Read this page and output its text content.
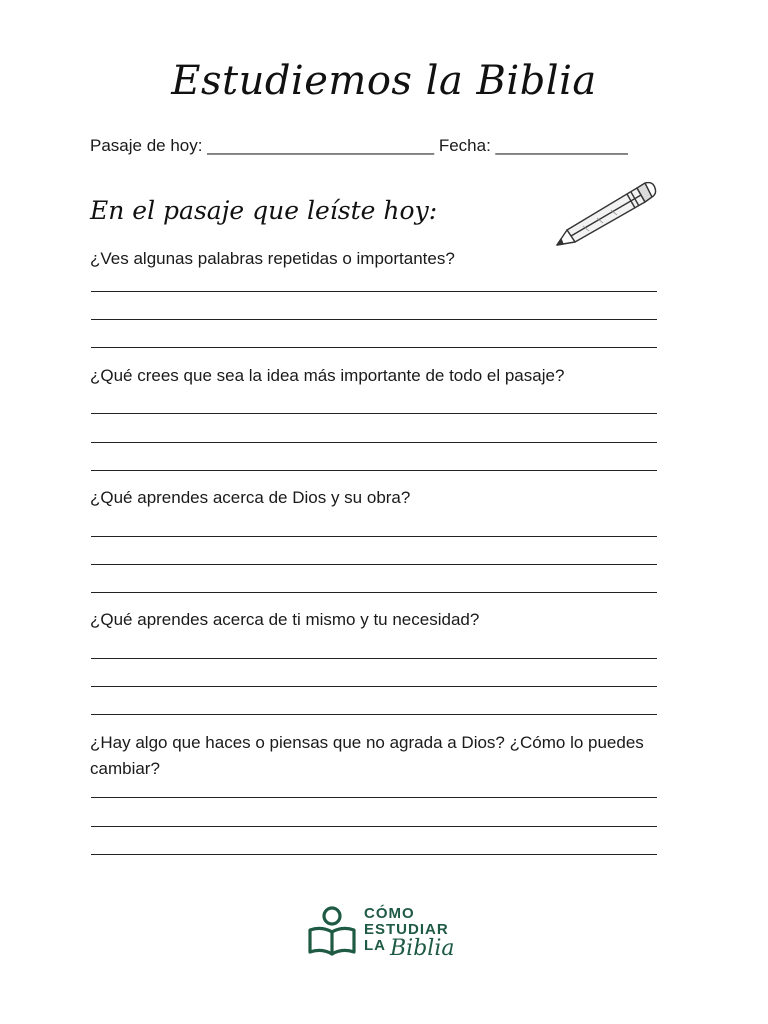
Estudiemos la Biblia
Pasaje de hoy: ________________________ Fecha: ______________
En el pasaje que leíste hoy:
¿Ves algunas palabras repetidas o importantes?
¿Qué crees que sea la idea más importante de todo el pasaje?
¿Qué aprendes acerca de Dios y su obra?
¿Qué aprendes acerca de ti mismo y tu necesidad?
¿Hay algo que haces o piensas que no agrada a Dios? ¿Cómo lo puedes cambiar?
CÓMO
ESTUDIAR
LA Biblia
